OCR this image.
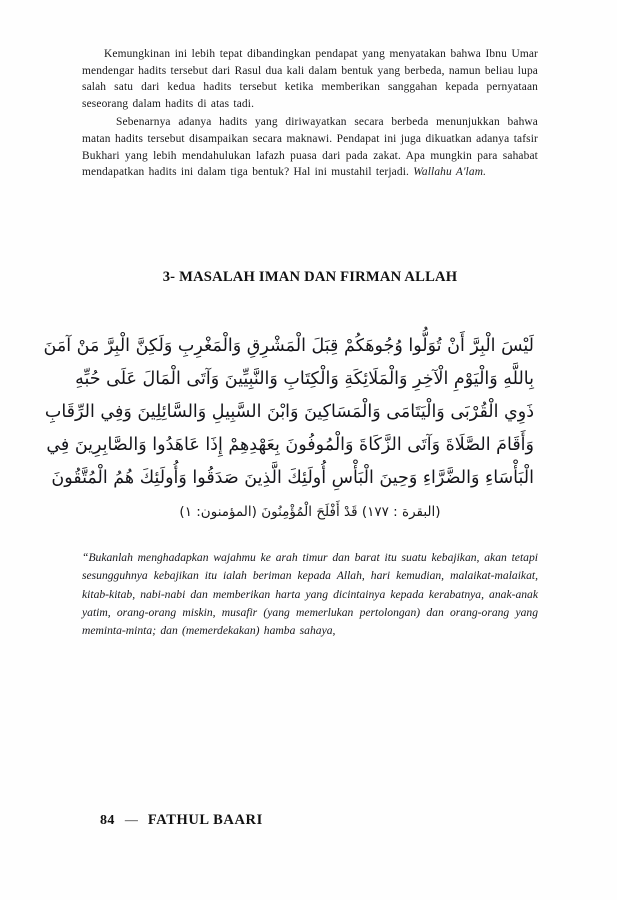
Kemungkinan ini lebih tepat dibandingkan pendapat yang menyatakan bahwa Ibnu Umar mendengar hadits tersebut dari Rasul dua kali dalam bentuk yang berbeda, namun beliau lupa salah satu dari kedua hadits tersebut ketika memberikan sanggahan kepada pernyataan seseorang dalam hadits di atas tadi.

Sebenarnya adanya hadits yang diriwayatkan secara berbeda menunjukkan bahwa matan hadits tersebut disampaikan secara maknawi. Pendapat ini juga dikuatkan adanya tafsir Bukhari yang lebih mendahulukan lafazh puasa dari pada zakat. Apa mungkin para sahabat mendapatkan hadits ini dalam tiga bentuk? Hal ini mustahil terjadi. Wallahu A'lam.

3- MASALAH IMAN DAN FIRMAN ALLAH
لَيْسَ الْبِرَّ أَنْ تُوَلُّوا وُجُوهَكُمْ قِبَلَ الْمَشْرِقِ وَالْمَغْرِبِ وَلَكِنَّ الْبِرَّ مَنْ آمَنَ
بِاللَّهِ وَالْيَوْمِ الْآخِرِ وَالْمَلَائِكَةِ وَالْكِتَابِ وَالنَّبِيِّينَ وَآتَى الْمَالَ عَلَى حُبِّهِ
ذَوِي الْقُرْبَى وَالْيَتَامَى وَالْمَسَاكِينَ وَابْنَ السَّبِيلِ وَالسَّائِلِينَ وَفِي الرِّقَابِ
وَأَقَامَ الصَّلَاةَ وَآتَى الزَّكَاةَ وَالْمُوفُونَ بِعَهْدِهِمْ إِذَا عَاهَدُوا وَالصَّابِرِينَ فِي
الْبَأْسَاءِ وَالضَّرَّاءِ وَحِينَ الْبَأْسِ أُولَئِكَ الَّذِينَ صَدَقُوا وَأُولَئِكَ هُمُ الْمُتَّقُونَ
(البقرة : ١٧٧) قَدْ أَفْلَحَ الْمُؤْمِنُونَ (المؤمنون: ١)

“Bukanlah menghadapkan wajahmu ke arah timur dan barat itu suatu kebajikan, akan tetapi sesungguhnya kebajikan itu ialah beriman kepada Allah, hari kemudian, malaikat-malaikat, kitab-kitab, nabi-nabi dan memberikan harta yang dicintainya kepada kerabatnya, anak-anak yatim, orang-orang miskin, musafir (yang memerlukan pertolongan) dan orang-orang yang meminta-minta; dan (memerdekakan) hamba sahaya,

84 — FATHUL BAARI
